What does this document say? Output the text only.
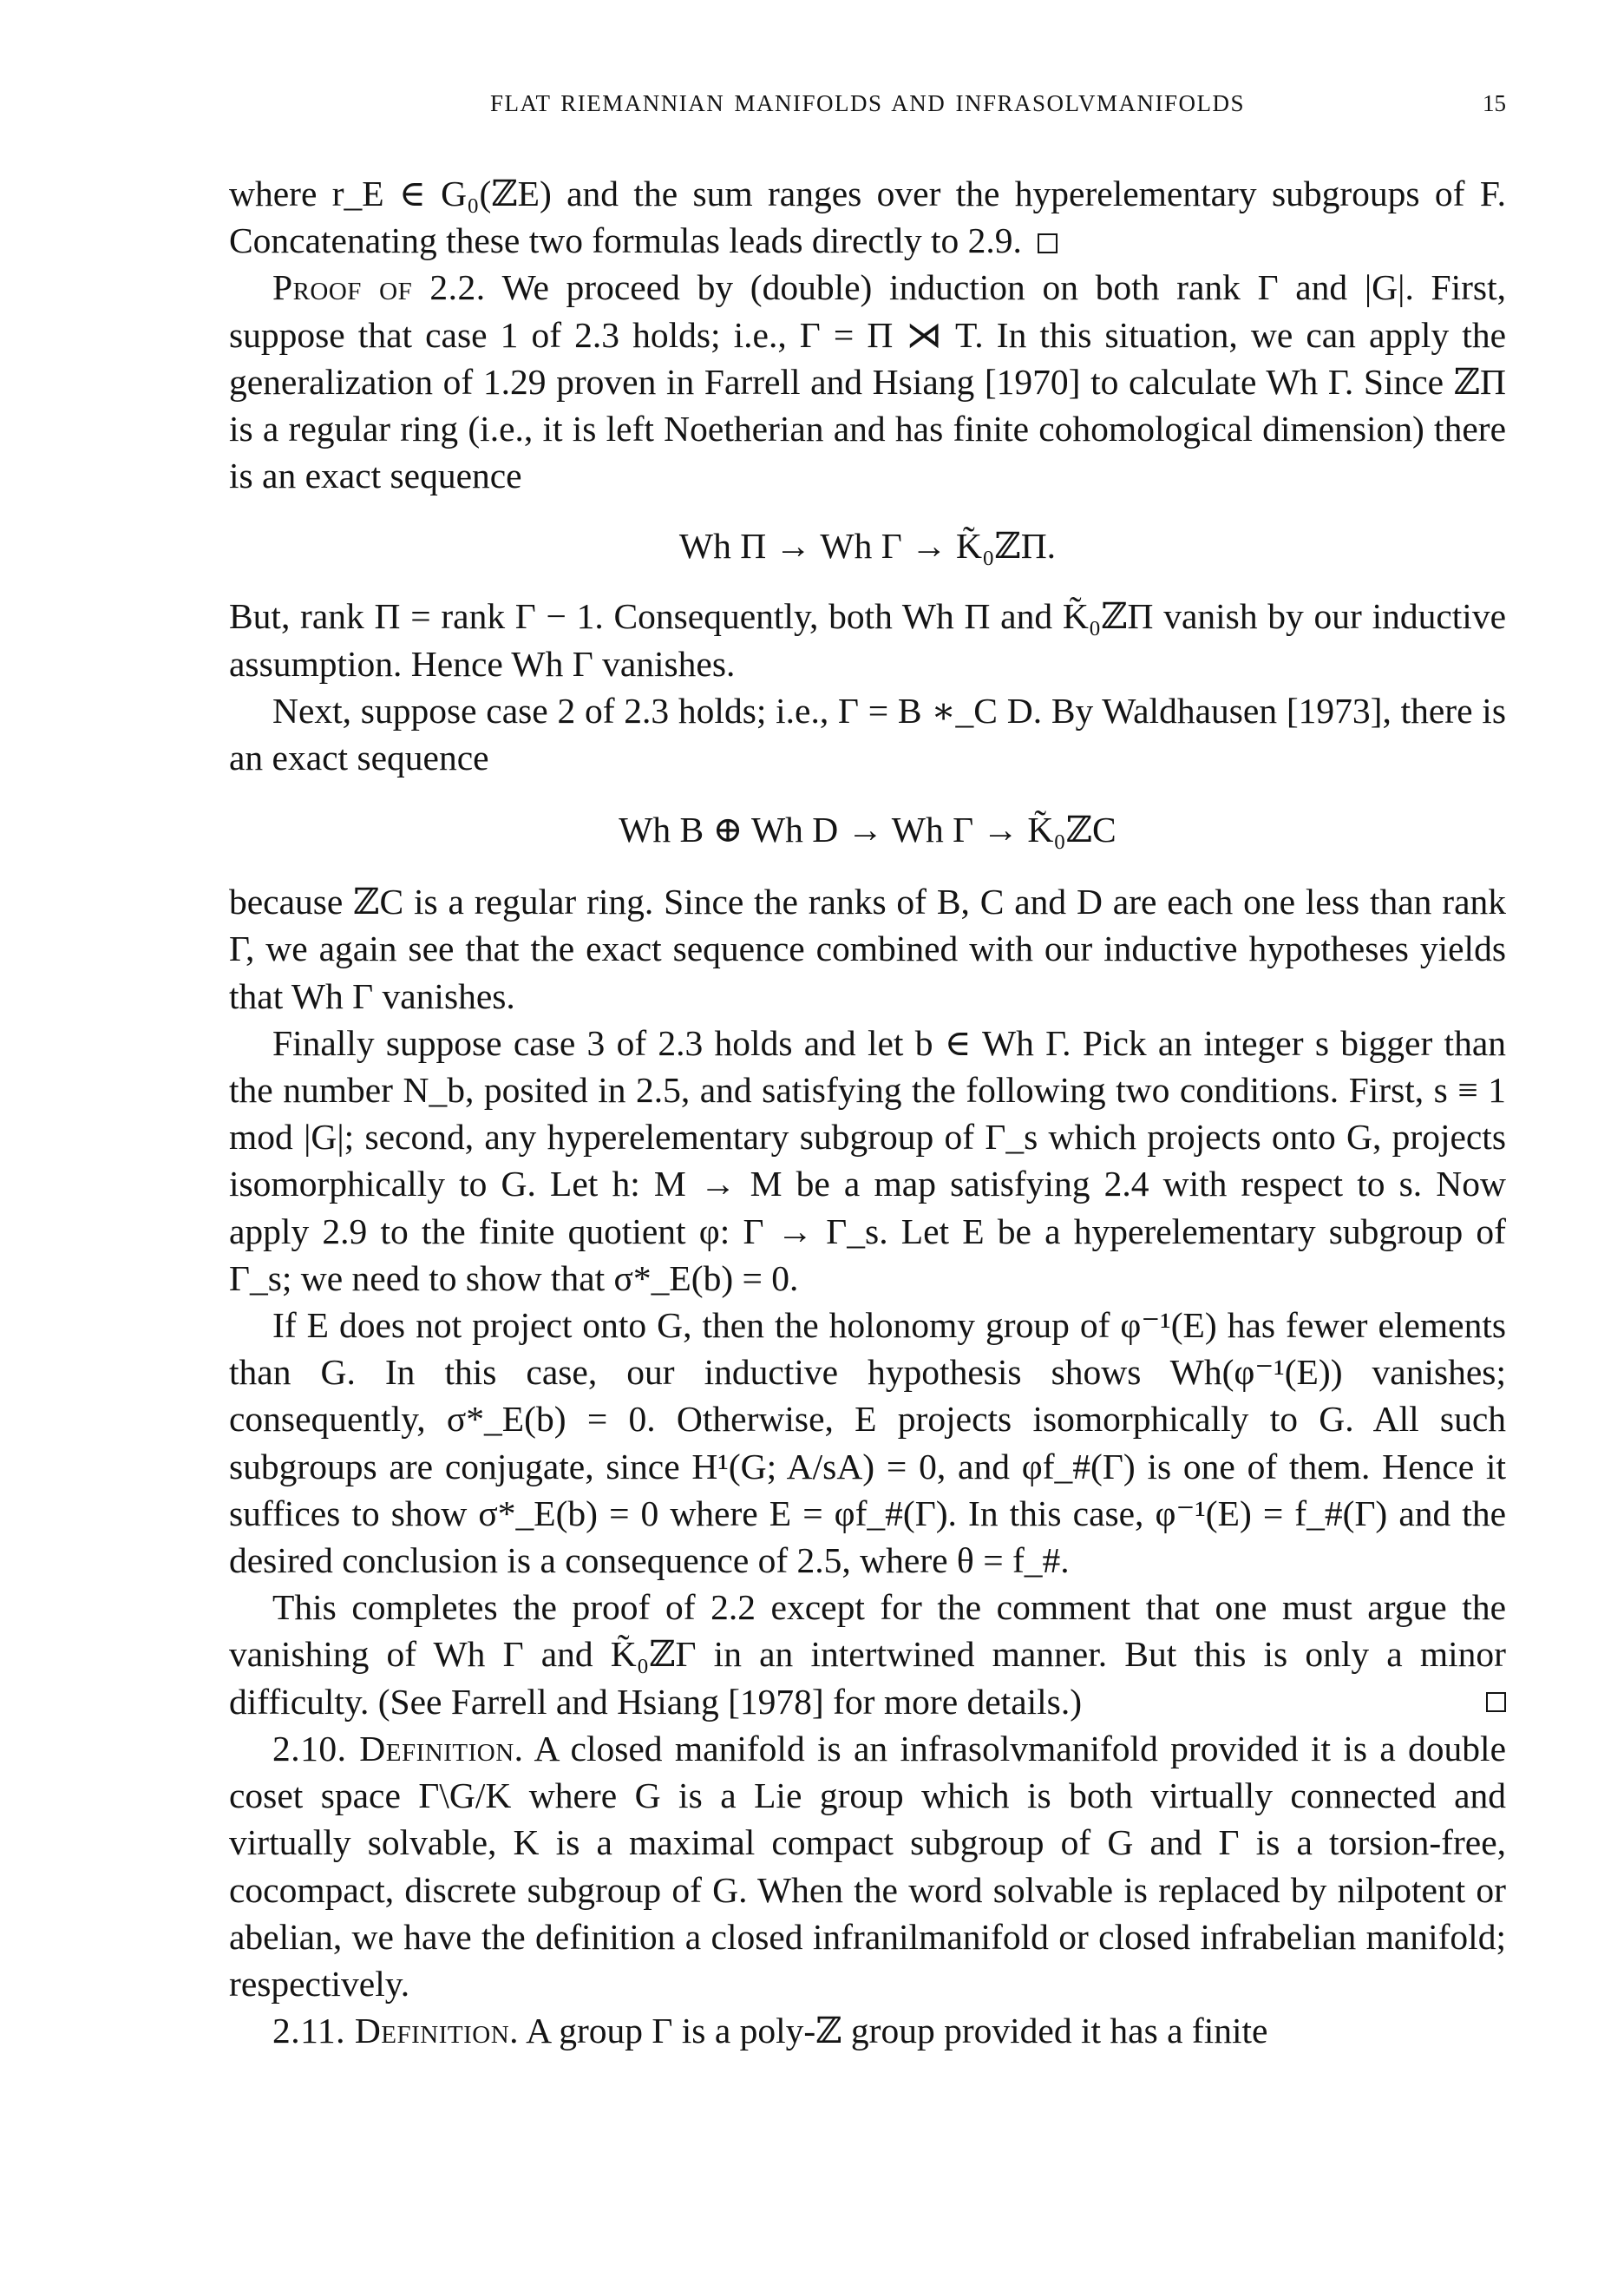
FLAT RIEMANNIAN MANIFOLDS AND INFRASOLVMANIFOLDS	15

where r_E ∈ G₀(ℤE) and the sum ranges over the hyperelementary subgroups of F. Concatenating these two formulas leads directly to 2.9.

Proof of 2.2. We proceed by (double) induction on both rank Γ and |G|. First, suppose that case 1 of 2.3 holds; i.e., Γ = Π ⋊ T. In this situation, we can apply the generalization of 1.29 proven in Farrell and Hsiang [1970] to calculate Wh Γ. Since ℤΠ is a regular ring (i.e., it is left Noetherian and has finite cohomological dimension) there is an exact sequence

Wh Π → Wh Γ → K̃₀ℤΠ.

But, rank Π = rank Γ − 1. Consequently, both Wh Π and K̃₀ℤΠ vanish by our inductive assumption. Hence Wh Γ vanishes.

Next, suppose case 2 of 2.3 holds; i.e., Γ = B ∗_C D. By Waldhausen [1973], there is an exact sequence

Wh B ⊕ Wh D → Wh Γ → K̃₀ℤC

because ℤC is a regular ring. Since the ranks of B, C and D are each one less than rank Γ, we again see that the exact sequence combined with our inductive hypotheses yields that Wh Γ vanishes.

Finally suppose case 3 of 2.3 holds and let b ∈ Wh Γ. Pick an integer s bigger than the number N_b, posited in 2.5, and satisfying the following two conditions. First, s ≡ 1 mod |G|; second, any hyperelementary subgroup of Γ_s which projects onto G, projects isomorphically to G. Let h: M → M be a map satisfying 2.4 with respect to s. Now apply 2.9 to the finite quotient φ: Γ → Γ_s. Let E be a hyperelementary subgroup of Γ_s; we need to show that σ*_E(b) = 0.

If E does not project onto G, then the holonomy group of φ⁻¹(E) has fewer elements than G. In this case, our inductive hypothesis shows Wh(φ⁻¹(E)) vanishes; consequently, σ*_E(b) = 0. Otherwise, E projects isomorphically to G. All such subgroups are conjugate, since H¹(G; A/sA) = 0, and φf_#(Γ) is one of them. Hence it suffices to show σ*_E(b) = 0 where E = φf_#(Γ). In this case, φ⁻¹(E) = f_#(Γ) and the desired conclusion is a consequence of 2.5, where θ = f_#.

This completes the proof of 2.2 except for the comment that one must argue the vanishing of Wh Γ and K̃₀ℤΓ in an intertwined manner. But this is only a minor difficulty. (See Farrell and Hsiang [1978] for more details.)

2.10. Definition. A closed manifold is an infrasolvmanifold provided it is a double coset space Γ\G/K where G is a Lie group which is both virtually connected and virtually solvable, K is a maximal compact subgroup of G and Γ is a torsion-free, cocompact, discrete subgroup of G. When the word solvable is replaced by nilpotent or abelian, we have the definition a closed infranilmanifold or closed infrabelian manifold; respectively.

2.11. Definition. A group Γ is a poly-ℤ group provided it has a finite
